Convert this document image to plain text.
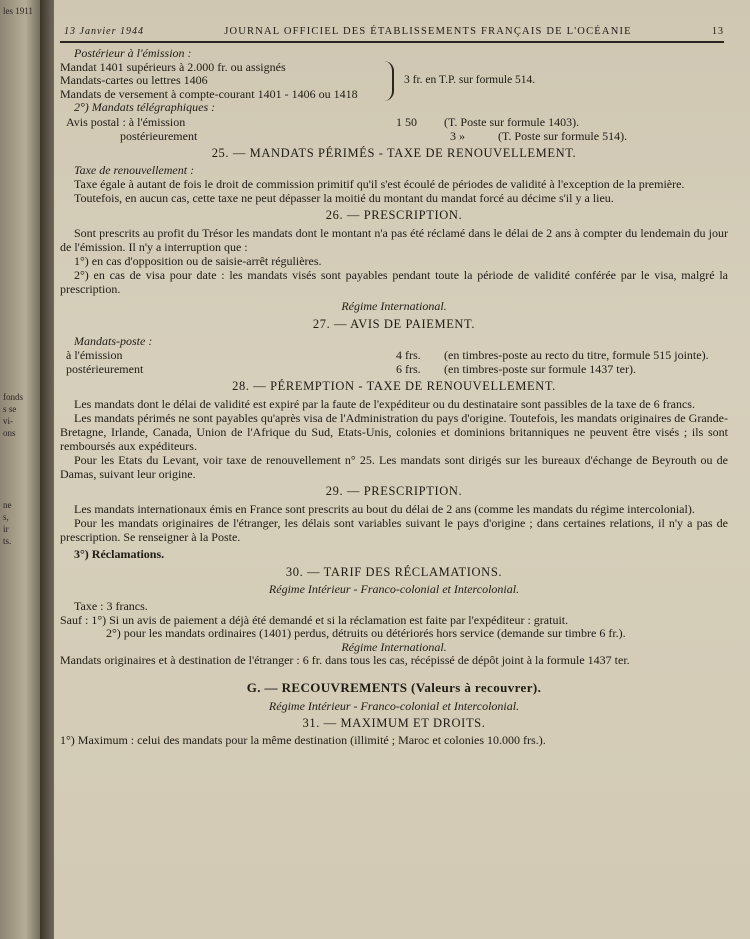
les 1911
fonds
s se
vi-
ons
ne
s,
ir
ts.
13 Janvier 1944	JOURNAL OFFICIEL DES ÉTABLISSEMENTS FRANÇAIS DE L'OCÉANIE	13
Postérieur à l'émission :
Mandat 1401 supérieurs à 2.000 fr. ou assignés
Mandats-cartes ou lettres 1406
Mandats de versement à compte-courant 1401 - 1406 ou 1418
3 fr. en T.P. sur formule 514.
2°) Mandats télégraphiques :
Avis postal : à l'émission	1 50	(T. Poste sur formule 1403).
postérieurement	3 »	(T. Poste sur formule 514).
25. — MANDATS PÉRIMÉS - TAXE DE RENOUVELLEMENT.
Taxe de renouvellement :
Taxe égale à autant de fois le droit de commission primitif qu'il s'est écoulé de périodes de validité à l'exception de la première.
Toutefois, en aucun cas, cette taxe ne peut dépasser la moitié du montant du mandat forcé au décime s'il y a lieu.
26. — PRESCRIPTION.
Sont prescrits au profit du Trésor les mandats dont le montant n'a pas été réclamé dans le délai de 2 ans à compter du lendemain du jour de l'émission. Il n'y a interruption que :
1°) en cas d'opposition ou de saisie-arrêt régulières.
2°) en cas de visa pour date : les mandats visés sont payables pendant toute la période de validité conférée par le visa, malgré la prescription.
Régime International.
27. — AVIS DE PAIEMENT.
Mandats-poste :
à l'émission	4 frs.	(en timbres-poste au recto du titre, formule 515 jointe).
postérieurement	6 frs.	(en timbres-poste sur formule 1437 ter).
28. — PÉREMPTION - TAXE DE RENOUVELLEMENT.
Les mandats dont le délai de validité est expiré par la faute de l'expéditeur ou du destinataire sont passibles de la taxe de 6 francs.
Les mandats périmés ne sont payables qu'après visa de l'Administration du pays d'origine. Toutefois, les mandats originaires de Grande-Bretagne, Irlande, Canada, Union de l'Afrique du Sud, Etats-Unis, colonies et dominions britanniques ne peuvent être visés ; ils sont remboursés aux expéditeurs.
Pour les Etats du Levant, voir taxe de renouvellement n° 25. Les mandats sont dirigés sur les bureaux d'échange de Beyrouth ou de Damas, suivant leur origine.
29. — PRESCRIPTION.
Les mandats internationaux émis en France sont prescrits au bout du délai de 2 ans (comme les mandats du régime intercolonial).
Pour les mandats originaires de l'étranger, les délais sont variables suivant le pays d'origine ; dans certaines relations, il n'y a pas de prescription. Se renseigner à la Poste.
3°) Réclamations.
30. — TARIF DES RÉCLAMATIONS.
Régime Intérieur - Franco-colonial et Intercolonial.
Taxe : 3 francs.
Sauf : 1°) Si un avis de paiement a déjà été demandé et si la réclamation est faite par l'expéditeur : gratuit.
2°) pour les mandats ordinaires (1401) perdus, détruits ou détériorés hors service (demande sur timbre 6 fr.).
Régime International.
Mandats originaires et à destination de l'étranger : 6 fr. dans tous les cas, récépissé de dépôt joint à la formule 1437 ter.
G. — RECOUVREMENTS (Valeurs à recouvrer).
Régime Intérieur - Franco-colonial et Intercolonial.
31. — MAXIMUM ET DROITS.
1°) Maximum : celui des mandats pour la même destination (illimité ; Maroc et colonies 10.000 frs.).
